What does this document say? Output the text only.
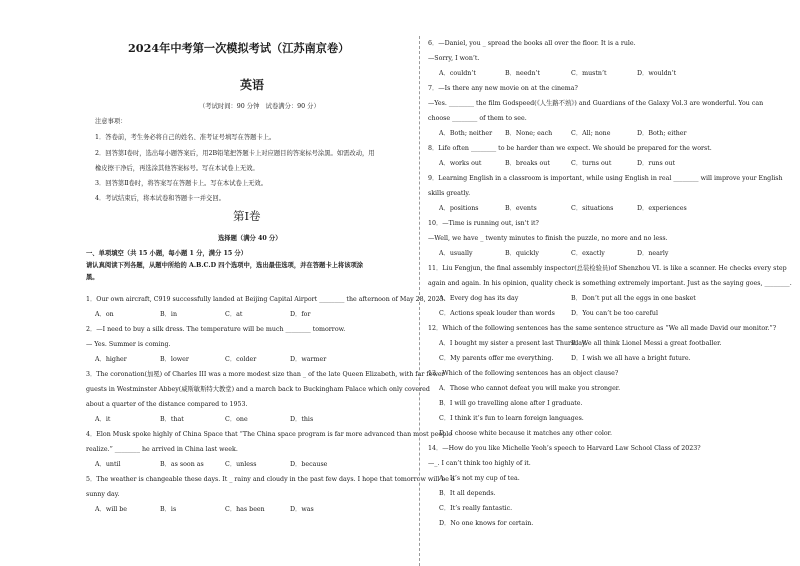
2024年中考第一次模拟考试（江苏南京卷）
英语
（考试时间：90 分钟　试卷满分：90 分）
注意事项：
1．答卷前，考生务必将自己的姓名、准考证号填写在答题卡上。
2．回答第Ⅰ卷时，选出每小题答案后，用2B铅笔把答题卡上对应题目的答案标号涂黑。如需改动，用
橡皮擦干净后，再选涂其他答案标号。写在本试卷上无效。
3．回答第Ⅱ卷时，将答案写在答题卡上。写在本试卷上无效。
4．考试结束后，将本试卷和答题卡一并交回。
第Ⅰ卷
选择题（满分 40 分）
一、单项填空（共 15 小题，每小题 1 分，满分 15 分）
请认真阅读下列各题，从题中所给的 A.B.C.D 四个选项中，选出最佳选项，并在答题卡上将该项涂
黑。
1．Our own aircraft, C919 successfully landed at Beijing Capital Airport ________ the afternoon of May 28, 2023.
A．on	B．in	C．at	D．for
2．—I need to buy a silk dress. The temperature will be much ________ tomorrow.
— Yes. Summer is coming.
A．higher	B．lower	C．colder	D．warmer
3．The coronation(加冕) of Charles III was a more modest size than _ of the late Queen Elizabeth, with far fewer
guests in Westminster Abbey(威斯敏斯特大教堂) and a march back to Buckingham Palace which only covered
about a quarter of the distance compared to 1953.
A．it	B．that	C．one	D．this
4．Elon Musk spoke highly of China Space that “The China space program is far more advanced than most people
realize.” ________ he arrived in China last week.
A．until	B．as soon as	C．unless	D．because
5．The weather is changeable these days. It _ rainy and cloudy in the past few days. I hope that tomorrow will be a
sunny day.
A．will be	B．is	C．has been	D．was
6．—Daniel, you _ spread the books all over the floor. It is a rule.
—Sorry, I won’t.
A．couldn’t	B．needn’t	C．mustn’t	D．wouldn’t
7．—Is there any new movie on at the cinema?
—Yes. ________ the film Godspeed(《人生路不熟》) and Guardians of the Galaxy Vol.3 are wonderful. You can
choose ________ of them to see.
A．Both; neither B．None; each	C．All; none	D．Both; either
8．Life often ________ to be harder than we expect. We should be prepared for the worst.
A．works out	B．breaks out	C．turns out	D．runs out
9．Learning English in a classroom is important, while using English in real ________ will improve your English
skills greatly.
A．positions	B．events	C．situations	D．experiences
10．—Time is running out, isn't it?
—Well, we have _ twenty minutes to finish the puzzle, no more and no less.
A．usually	B．quickly	C．exactly	D．nearly
11．Liu Fengjun, the final assembly inspector(总装检验员)of Shenzhou VI. is like a scanner. He checks every step
again and again. In his opinion, quality check is something extremely important. Just as the saying goes, ________.
A．Every dog has its day	B．Don’t put all the eggs in one basket
C．Actions speak louder than words	D．You can’t be too careful
12．Which of the following sentences has the same sentence structure as “We all made David our monitor.”?
A．I bought my sister a present last Thursday.
B．We all think Lionel Messi a great footballer.
C．My parents offer me everything.	D．I wish we all have a bright future.
13．Which of the following sentences has an object clause?
A．Those who cannot defeat you will make you stronger.
B．I will go travelling alone after I graduate.
C．I think it’s fun to learn foreign languages.
D．I choose white because it matches any other color.
14．—How do you like Michelle Yeoh’s speech to Harvard Law School Class of 2023?
—_. I can’t think too highly of it.
A．It’s not my cup of tea.
B．It all depends.
C．It’s really fantastic.
D．No one knows for certain.
